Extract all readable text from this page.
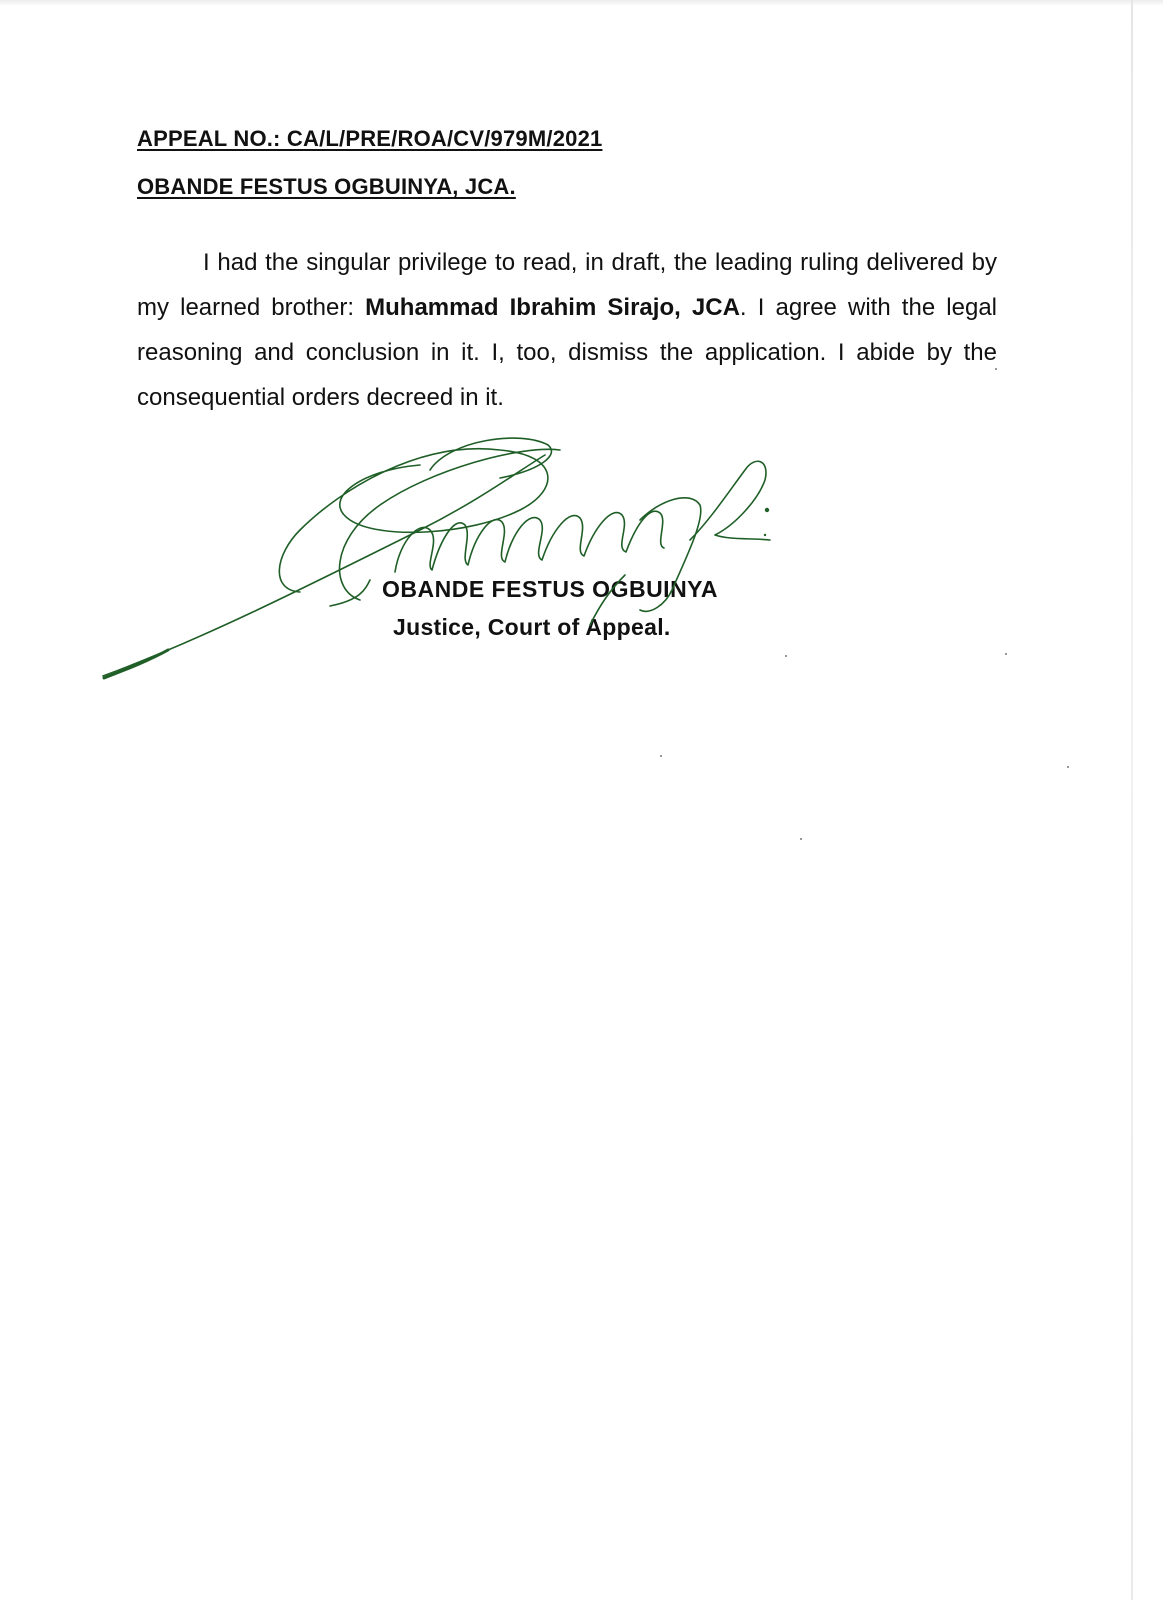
APPEAL NO.: CA/L/PRE/ROA/CV/979M/2021

OBANDE FESTUS OGBUINYA, JCA.

I had the singular privilege to read, in draft, the leading ruling delivered by my learned brother: Muhammad Ibrahim Sirajo, JCA. I agree with the legal reasoning and conclusion in it. I, too, dismiss the application. I abide by the consequential orders decreed in it.

OBANDE FESTUS OGBUINYA

Justice, Court of Appeal.
